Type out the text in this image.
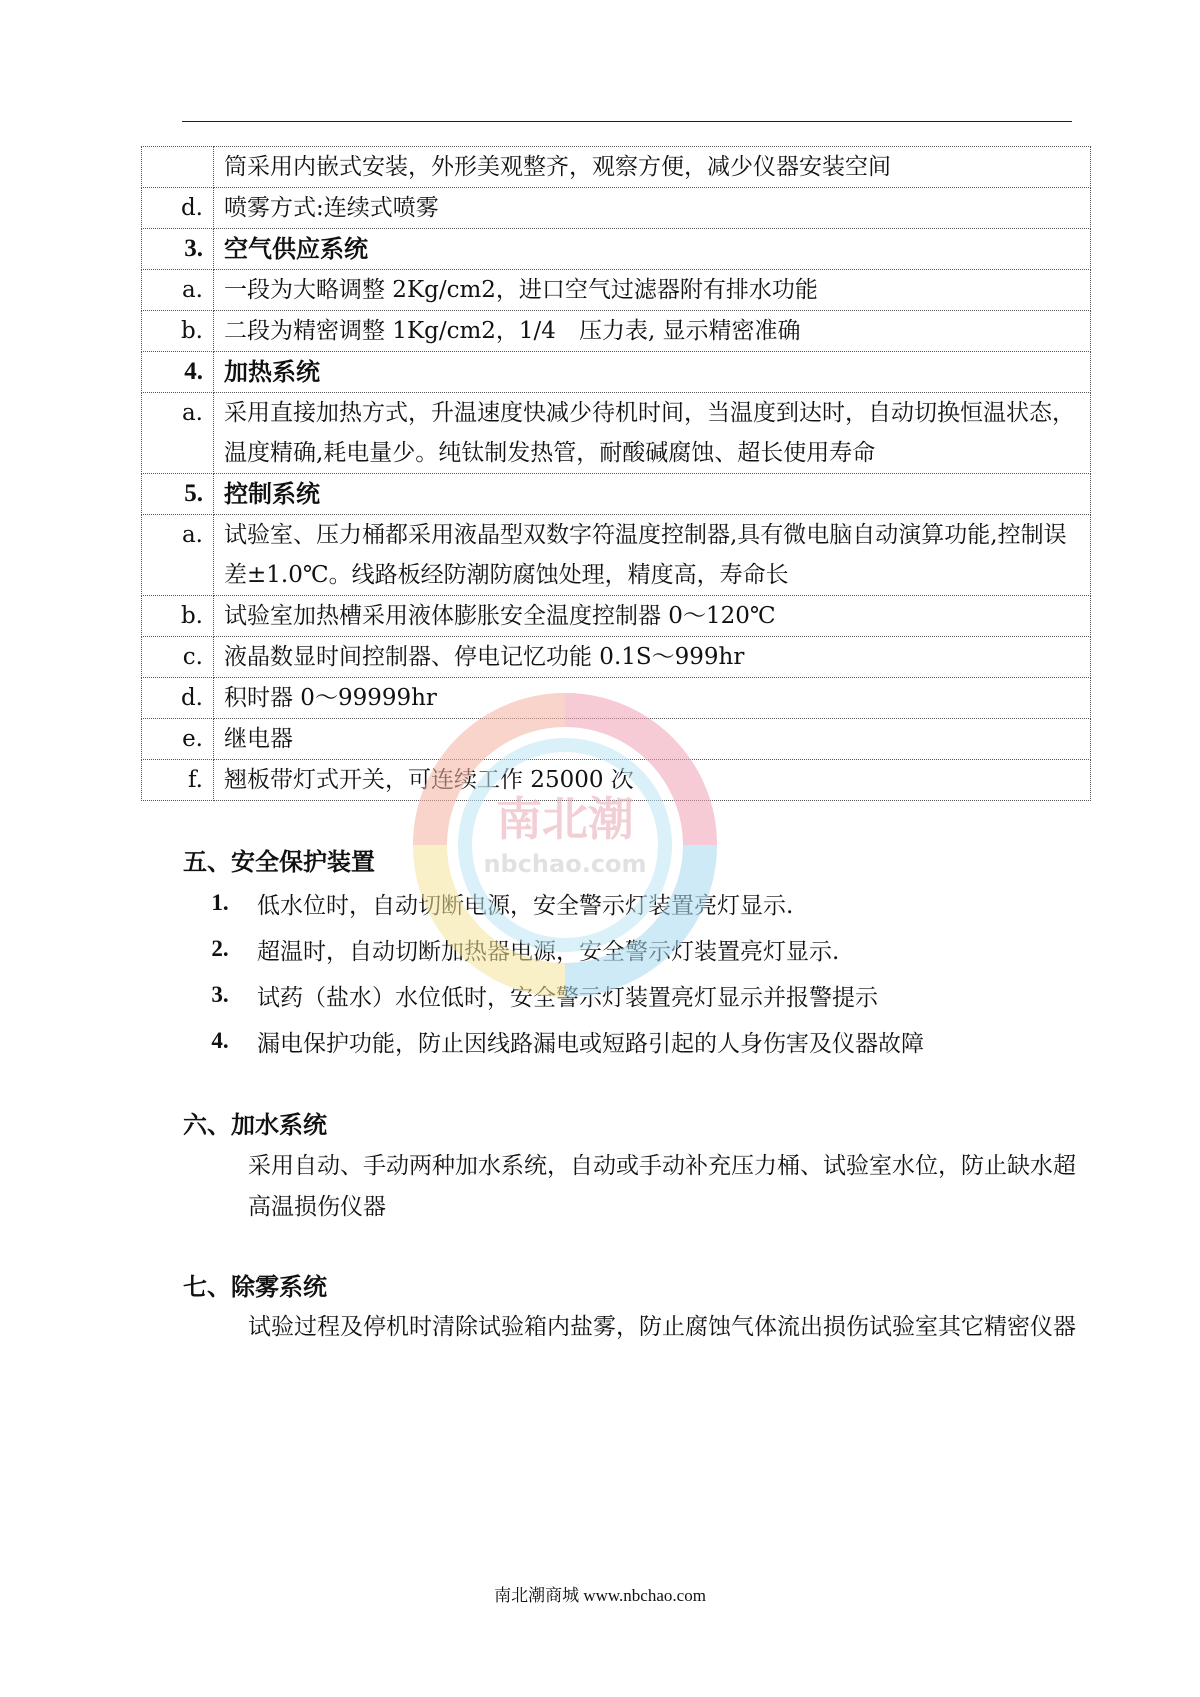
	筒采用内嵌式安装，外形美观整齐，观察方便，减少仪器安装空间
d.	喷雾方式:连续式喷雾
3.	空气供应系统
a.	一段为大略调整 2Kg/cm2，进口空气过滤器附有排水功能
b.	二段为精密调整 1Kg/cm2，1/4　压力表, 显示精密准确
4.	加热系统
a.	采用直接加热方式，升温速度快减少待机时间，当温度到达时，自动切换恒温状态，温度精确,耗电量少。纯钛制发热管，耐酸碱腐蚀、超长使用寿命
5.	控制系统
a.	试验室、压力桶都采用液晶型双数字符温度控制器,具有微电脑自动演算功能,控制误差±1.0℃。线路板经防潮防腐蚀处理，精度高，寿命长
b.	试验室加热槽采用液体膨胀安全温度控制器 0～120℃
c.	液晶数显时间控制器、停电记忆功能 0.1S～999hr
d.	积时器 0～99999hr
e.	继电器
f.	翘板带灯式开关，可连续工作 25000 次
五、安全保护装置
1.	低水位时，自动切断电源，安全警示灯装置亮灯显示.
2.	超温时，自动切断加热器电源，安全警示灯装置亮灯显示.
3.	试药（盐水）水位低时，安全警示灯装置亮灯显示并报警提示
4.	漏电保护功能，防止因线路漏电或短路引起的人身伤害及仪器故障
六、加水系统
采用自动、手动两种加水系统，自动或手动补充压力桶、试验室水位，防止缺水超高温损伤仪器
七、除雾系统
试验过程及停机时清除试验箱内盐雾，防止腐蚀气体流出损伤试验室其它精密仪器
南北潮
nbchao.com
南北潮商城 www.nbchao.com
